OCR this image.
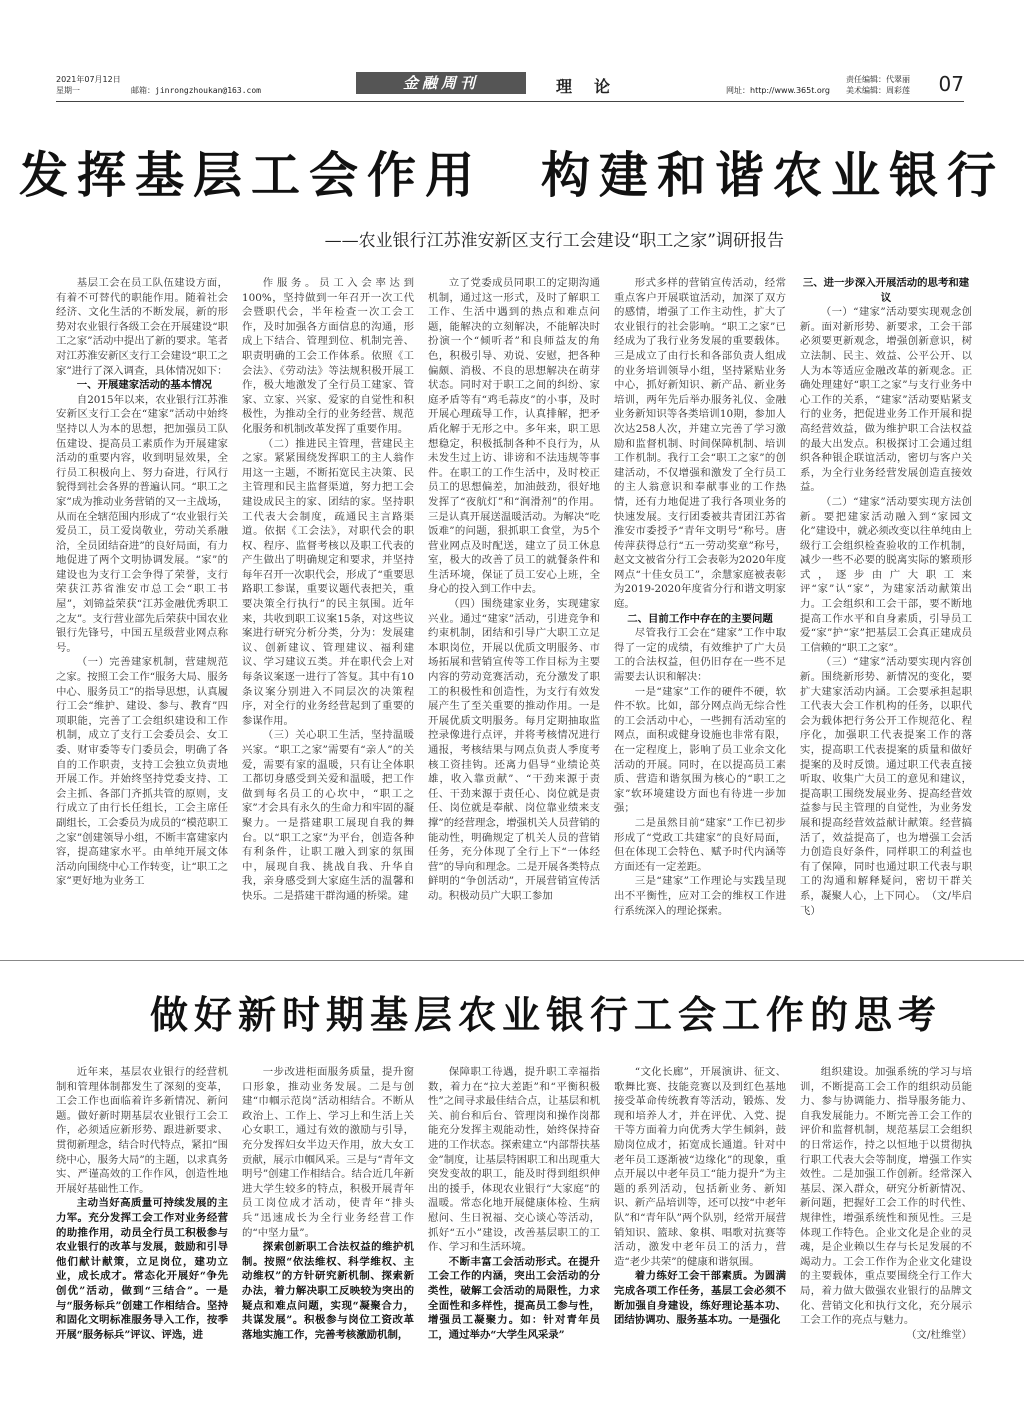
2021年07月12日
星期一	邮箱：jinrongzhoukan@163.com	金融周刊	理论	网址：http://www.365t.org
责任编辑：代翠丽
美术编辑：周彩莲 07
发挥基层工会作用　构建和谐农业银行
——农业银行江苏淮安新区支行工会建设“职工之家”调研报告

基层工会在员工队伍建设方面，有着不可替代的职能作用。随着社会经济、文化生活的不断发展，新的形势对农业银行各级工会在开展建设“职工之家”活动中提出了新的要求。笔者对江苏淮安新区支行工会建设“职工之家”进行了深入调查，具体情况如下：

一、开展建家活动的基本情况

自2015年以来，农业银行江苏淮安新区支行工会在“建家”活动中始终坚持以人为本的思想，把加强员工队伍建设、提高员工素质作为开展建家活动的重要内容，收到明显效果，全行员工积极向上、努力奋进，行风行貌得到社会各界的普遍认同。“职工之家”成为推动业务营销的又一主战场，从而在全辖范围内形成了“农业银行关爱员工，员工爱岗敬业，劳动关系融洽，全员团结奋进”的良好局面，有力地促进了两个文明协调发展。“家”的建设也为支行工会争得了荣誉，支行荣获江苏省淮安市总工会“职工书屋”，刘锦益荣获“江苏金融优秀职工之友”。支行营业部先后荣获中国农业银行先锋号，中国五星级营业网点称号。

（一）完善建家机制，营建规范之家。按照工会工作“服务大局、服务中心、服务员工”的指导思想，认真履行工会“维护、建设、参与、教育”四项职能，完善了工会组织建设和工作机制，成立了支行工会委员会、女工委、财审委等专门委员会，明确了各自的工作职责，支持工会独立负责地开展工作。并始终坚持党委支持、工会主抓、各部门齐抓共管的原则，支行成立了由行长任组长，工会主席任副组长，工会委员为成员的“模范职工之家”创建领导小组，不断丰富建家内容，提高建家水平。由单纯开展文体活动向围绕中心工作转变，让“职工之家”更好地为业务工

作服务。员工入会率达到100%，坚持做到一年召开一次工代会暨职代会，半年检查一次工会工作，及时加强各方面信息的沟通，形成上下结合、管理到位、机制完善、职责明确的工会工作体系。依照《工会法》、《劳动法》等法规积极开展工作，极大地激发了全行员工建家、管家、立家、兴家、爱家的自觉性和积极性，为推动全行的业务经营、规范化服务和机制改革发挥了重要作用。

（二）推进民主管理，营建民主之家。紧紧围绕发挥职工的主人翁作用这一主题，不断拓宽民主决策、民主管理和民主监督渠道，努力把工会建设成民主的家、团结的家。坚持职工代表大会制度，疏通民主言路渠道。依据《工会法》，对职代会的职权、程序、监督考核以及职工代表的产生做出了明确规定和要求，并坚持每年召开一次职代会，形成了“重要思路职工参谋，重要议题代表把关，重要决策全行执行”的民主氛围。近年来，共收到职工议案15条，对这些议案进行研究分析分类，分为：发展建议、创新建议、管理建议、福利建议、学习建议五类。并在职代会上对每条议案逐一进行了答复。其中有10条议案分别进入不同层次的决策程序，对全行的业务经营起到了重要的参谋作用。

（三）关心职工生活，坚持温暖兴家。“职工之家”需要有“亲人”的关爱，需要有家的温暖，只有让全体职工都切身感受到关爱和温暖，把工作做到每名员工的心坎中，“职工之家”才会具有永久的生命力和牢固的凝聚力。一是搭建职工展现自我的舞台。以“职工之家”为平台，创造各种有利条件，让职工融入到家的氛围中，展现自我、挑战自我、升华自我，亲身感受到大家庭生活的温馨和快乐。二是搭建干群沟通的桥梁。建

立了党委成员同职工的定期沟通机制，通过这一形式，及时了解职工工作、生活中遇到的热点和难点问题，能解决的立刻解决，不能解决时扮演一个“倾听者”和良师益友的角色，积极引导、劝说、安慰，把各种偏颇、消极、不良的思想解决在萌芽状态。同时对于职工之间的纠纷、家庭矛盾等有“鸡毛蒜皮”的小事，及时开展心理疏导工作，认真排解，把矛盾化解于无形之中。多年来，职工思想稳定，积极抵制各种不良行为，从未发生过上访、诽谤和不法违规等事件。在职工的工作生活中，及时校正员工的思想偏差，加油鼓劲，很好地发挥了“夜航灯”和“润滑剂”的作用。三是认真开展送温暖活动。为解决“吃饭难”的问题，狠抓职工食堂，为5个营业网点及时配送，建立了员工休息室，极大的改善了员工的就餐条件和生活环境，保证了员工安心上班，全身心的投入到工作中去。

（四）围绕建家业务，实现建家兴业。通过“建家”活动，引进竞争和约束机制，团结和引导广大职工立足本职岗位，开展以优质文明服务、市场拓展和营销宣传等工作目标为主要内容的劳动竞赛活动，充分激发了职工的积极性和创造性，为支行有效发展产生了至关重要的推动作用。一是开展优质文明服务。每月定期抽取监控录像进行点评，并将考核情况进行通报，考核结果与网点负责人季度考核工资挂钩。还离力倡导“业绩论英雄，收入靠贡献”、“干劲来源于责任、干劲来源于责任心、岗位就是责任、岗位就是奉献、岗位靠业绩来支撑”的经营理念，增强机关人员营销的能动性，明确规定了机关人员的营销任务，充分体现了全行上下“一体经营”的导向和理念。二是开展各类特点鲜明的“争创活动”，开展营销宣传活动。积极动员广大职工参加

形式多样的营销宣传活动，经常重点客户开展联谊活动，加深了双方的感情，增强了工作主动性，扩大了农业银行的社会影响。“职工之家”已经成为了我行业务发展的重要载体。三是成立了由行长和各部负责人组成的业务培训领导小组，坚持紧贴业务中心，抓好新知识、新产品、新业务培训，两年先后举办服务礼仪、金融业务新知识等各类培训10期，参加人次达258人次，并建立完善了学习激励和监督机制、时间保障机制、培训工作机制。我行工会“职工之家”的创建活动，不仅增强和激发了全行员工的主人翁意识和奉献事业的工作热情，还有力地促进了我行各项业务的快速发展。支行团委被共青团江苏省淮安市委授予“青年文明号”称号。唐传萍获得总行“五一劳动奖章”称号，赵文文被省分行工会表彰为2020年度网点“十佳女员工”，余慧家庭被表彰为2019-2020年度省分行和谐文明家庭。

二、目前工作中存在的主要问题

尽管我行工会在“建家”工作中取得了一定的成绩，有效维护了广大员工的合法权益，但仍旧存在一些不足需要去认识和解决：

一是“建家”工作的硬件不硬，软件不软。比如，部分网点尚无综合性的工会活动中心，一些拥有活动室的网点，面积或健身设施也非常有限，在一定程度上，影响了员工业余文化活动的开展。同时，在以提高员工素质、营造和谐氛围为核心的“职工之家”软环境建设方面也有待进一步加强；

二是虽然目前“建家”工作已初步形成了“党政工共建家”的良好局面，但在体现工会特色、赋予时代内涵等方面还有一定差距。

三是“建家”工作理论与实践呈现出不平衡性，应对工会的维权工作进行系统深入的理论探索。

三、进一步深入开展活动的思考和建议

（一）“建家”活动要实现观念创新。面对新形势、新要求，工会干部必须要更新观念，增强创新意识，树立法制、民主、效益、公平公开、以人为本等适应金融改革的新观念。正确处理建好“职工之家”与支行业务中心工作的关系，“建家”活动要贴紧支行的业务，把促进业务工作开展和提高经营效益，做为维护职工合法权益的最大出发点。积极探讨工会通过组织各种银企联谊活动，密切与客户关系，为全行业务经营发展创造直接效益。

（二）“建家”活动要实现方法创新。要把建家活动融入到“家园文化”建设中，就必须改变以往单纯由上级行工会组织检查验收的工作机制，减少一些不必要的脱离实际的繁琐形式，逐步由广大职工来评“家”认“家”，为建家活动献策出力。工会组织和工会干部，要不断地提高工作水平和自身素质，引导员工爱“家”护“家”把基层工会真正建成员工信赖的“职工之家”。

（三）“建家”活动要实现内容创新。围绕新形势、新情况的变化，要扩大建家活动内涵。工会要承担起职工代表大会工作机构的任务，以职代会为载体把行务公开工作规范化、程序化，加强职工代表提案工作的落实，提高职工代表提案的质量和做好提案的及时反馈。通过职工代表直接听取、收集广大员工的意见和建议，提高职工围绕发展业务、提高经营效益参与民主管理的自觉性，为业务发展和提高经营效益献计献策。经营搞活了，效益提高了，也为增强工会活力创造良好条件，同样职工的利益也有了保障，同时也通过职工代表与职工的沟通和解释疑问，密切干群关系，凝聚人心，上下同心。　（文/毕启飞）

做好新时期基层农业银行工会工作的思考

近年来，基层农业银行的经营机制和管理体制都发生了深刻的变革，工会工作也面临着许多新情况、新问题。做好新时期基层农业银行工会工作，必须适应新形势、跟进新要求、贯彻新理念，结合时代特点，紧扣“围绕中心，服务大局”的主题，以求真务实、严谨高效的工作作风，创造性地开展好基础性工作。

主动当好高质量可持续发展的主力军。充分发挥工会工作对业务经营的助推作用，动员全行员工积极参与农业银行的改革与发展，鼓励和引导他们献计献策，立足岗位，建功立业，成长成才。常态化开展好“争先创优”活动，做到“三结合”。一是与“服务标兵”创建工作相结合。坚持和固化文明标准服务导入工作，按季开展“服务标兵”评议、评选，进

一步改进柜面服务质量，提升窗口形象，推动业务发展。二是与创建“巾帼示范岗”活动相结合。不断从政治上、工作上、学习上和生活上关心女职工，通过有效的激励与引导，充分发挥妇女半边天作用，放大女工贡献，展示巾帼风采。三是与“青年文明号”创建工作相结合。结合近几年新进大学生较多的特点，积极开展青年员工岗位成才活动，使青年“排头兵”迅速成长为全行业务经营工作的“中坚力量”。

探索创新职工合法权益的维护机制。按照“依法维权、科学维权、主动维权”的方针研究新机制、探索新办法，着力解决职工反映较为突出的疑点和难点问题，实现“凝聚合力，共谋发展”。积极参与岗位工资改革落地实施工作，完善考核激励机制，

保障职工待遇，提升职工幸福指数，着力在“拉大差距”和“平衡积极性”之间寻求最佳结合点，让基层和机关、前台和后台、管理岗和操作岗都能充分发挥主观能动性，始终保持奋进的工作状态。探索建立“内部帮扶基金”制度，让基层特困职工和出现重大突发变故的职工，能及时得到组织伸出的援手，体现农业银行“大家庭”的温暖。常态化地开展健康体检、生病慰问、生日祝福、交心谈心等活动，抓好“五小”建设，改善基层职工的工作、学习和生活环境。

不断丰富工会活动形式。在提升工会工作的内涵，突出工会活动的分类性，破解工会活动的局限性，力求全面性和多样性，提高员工参与性，增强员工凝聚力。如：针对青年员工，通过举办“大学生风采录”

“文化长廊”，开展演讲、征文、歌舞比赛、技能竞赛以及到红色基地接受革命传统教育等活动，锻炼、发现和培养人才，并在评优、入党、提干等方面着力向优秀大学生倾斜，鼓励岗位成才，拓宽成长通道。针对中老年员工逐渐被“边缘化”的现象，重点开展以中老年员工“能力提升”为主题的系列活动，包括新业务、新知识、新产品培训等，还可以按“中老年队”和“青年队”两个队别，经常开展营销知识、篮球、象棋、唱歌对抗赛等活动，激发中老年员工的活力，营造“老少共荣”的健康和谐氛围。

着力练好工会干部素质。为圆满完成各项工作任务，基层工会必须不断加强自身建设，练好理论基本功、团结协调功、服务基本功。一是强化

组织建设。加强系统的学习与培训，不断提高工会工作的组织动员能力、参与协调能力、指导服务能力、自我发展能力。不断完善工会工作的评价和监督机制，规范基层工会组织的日常运作，持之以恒地于以贯彻执行职工代表大会等制度，增强工作实效性。二是加强工作创新。经常深入基层、深入群众，研究分析新情况、新问题，把握好工会工作的时代性、规律性，增强系统性和预见性。三是体现工作特色。企业文化是企业的灵魂，是企业赖以生存与长足发展的不竭动力。工会工作作为企业文化建设的主要载体，重点要围绕全行工作大局，着力做大做强农业银行的品牌文化、营销文化和执行文化，充分展示工会工作的亮点与魅力。

（文/杜维堂）
